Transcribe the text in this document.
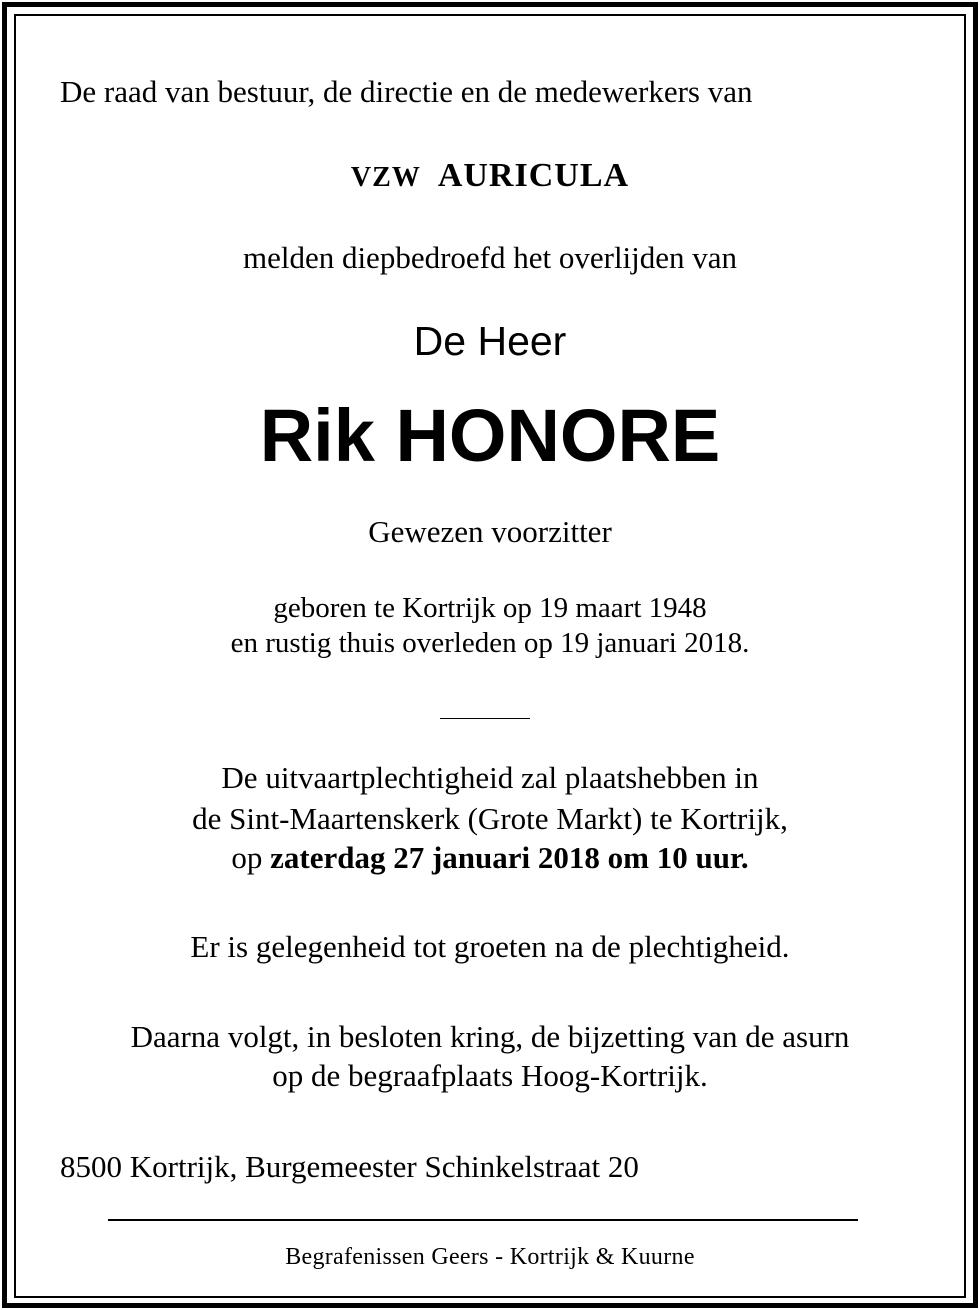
De raad van bestuur, de directie en de medewerkers van
VZW AURICULA
melden diepbedroefd het overlijden van
De Heer
Rik HONORE
Gewezen voorzitter
geboren te Kortrijk op 19 maart 1948
en rustig thuis overleden op 19 januari 2018.
De uitvaartplechtigheid zal plaatshebben in
de Sint-Maartenskerk (Grote Markt) te Kortrijk,
op zaterdag 27 januari 2018 om 10 uur.
Er is gelegenheid tot groeten na de plechtigheid.
Daarna volgt, in besloten kring, de bijzetting van de asurn
op de begraafplaats Hoog-Kortrijk.
8500 Kortrijk, Burgemeester Schinkelstraat 20
Begrafenissen Geers - Kortrijk & Kuurne
